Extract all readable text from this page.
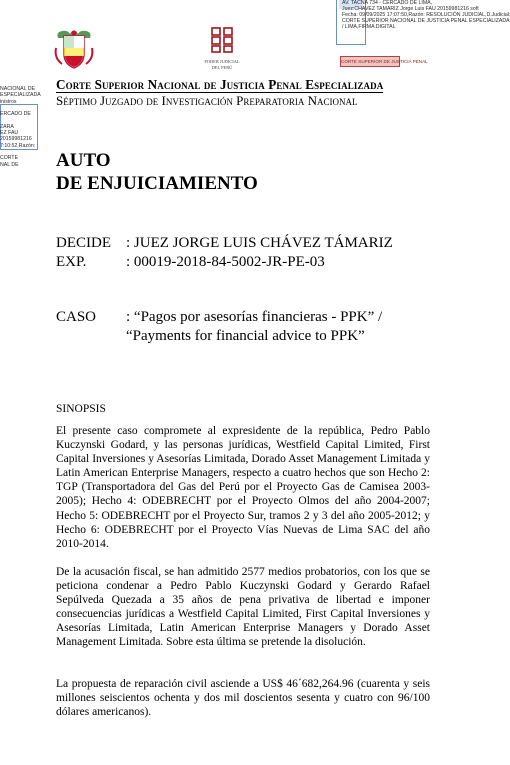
AV. TACNA 734 - CERCADO DE LIMA,
Juez:CHAVEZ TAMARIZ Jorge Luis FAU 20159981216 soft
Fecha: 09/09/2025 17:07:50,Razón: RESOLUCIÓN JUDICIAL,D.Judicial:
CORTE SUPERIOR NACIONAL DE JUSTICIA PENAL ESPECIALIZADA
/ LIMA,FIRMA DIGITAL
PODER JUDICIAL
DEL PERÚ
CORTE SUPERIOR DE JUSTICIA PENAL
NACIONAL DE
ESPECIALIZADA
inistros

ERCADO DE

ZARA
EZ FAU
20159981216
7:10:52,Razón:

CORTE
NAL DE
Corte Superior Nacional de Justicia Penal Especializada
Séptimo Juzgado de Investigación Preparatoria Nacional
AUTO
DE ENJUICIAMIENTO
DECIDE : JUEZ JORGE LUIS CHÁVEZ TÁMARIZ
EXP.	: 00019-2018-84-5002-JR-PE-03
CASO : “Pagos por asesorías financieras - PPK” /
“Payments for financial advice to PPK”
SINOPSIS
El presente caso compromete al expresidente de la república, Pedro Pablo Kuczynski Godard, y las personas jurídicas, Westfield Capital Limited, First Capital Inversiones y Asesorías Limitada, Dorado Asset Management Limitada y Latin American Enterprise Managers, respecto a cuatro hechos que son Hecho 2: TGP (Transportadora del Gas del Perú por el Proyecto Gas de Camisea 2003-2005); Hecho 4: ODEBRECHT por el Proyecto Olmos del año 2004-2007; Hecho 5: ODEBRECHT por el Proyecto Sur, tramos 2 y 3 del año 2005-2012; y Hecho 6: ODEBRECHT por el Proyecto Vías Nuevas de Lima SAC del año 2010-2014.
De la acusación fiscal, se han admitido 2577 medios probatorios, con los que se peticiona condenar a Pedro Pablo Kuczynski Godard y Gerardo Rafael Sepúlveda Quezada a 35 años de pena privativa de libertad e imponer consecuencias jurídicas a Westfield Capital Limited, First Capital Inversiones y Asesorías Limitada, Latin American Enterprise Managers y Dorado Asset Management Limitada. Sobre esta última se pretende la disolución.
La propuesta de reparación civil asciende a US$ 46´682,264.96 (cuarenta y seis millones seiscientos ochenta y dos mil doscientos sesenta y cuatro con 96/100 dólares americanos).
